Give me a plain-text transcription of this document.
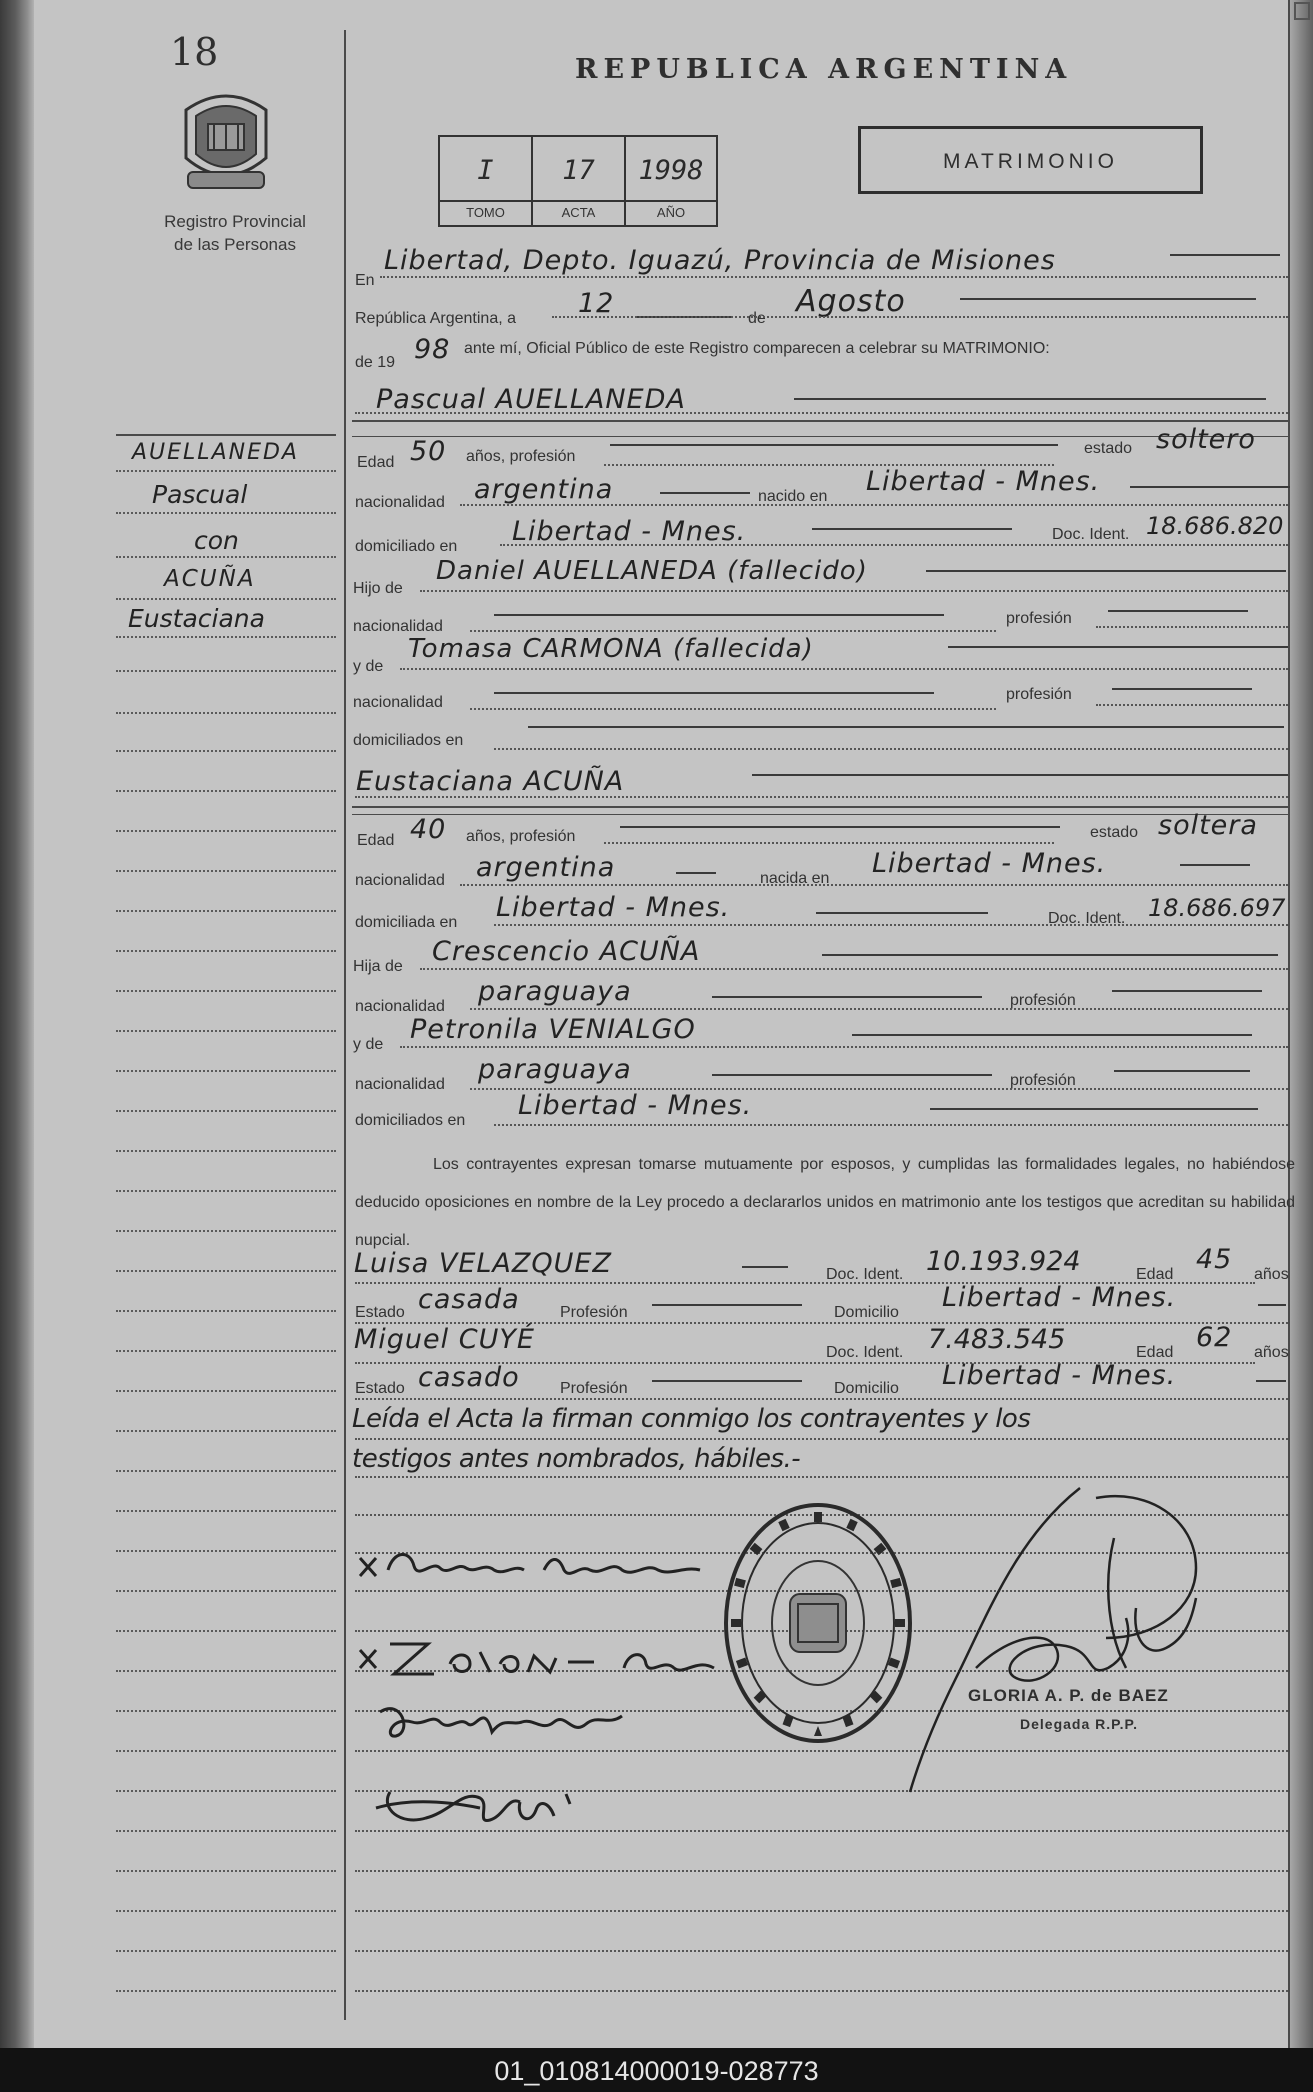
18
Registro Provincial
de las Personas
REPUBLICA ARGENTINA
I
TOMO
17
ACTA
1998
AÑO
MATRIMONIO
AUELLANEDA
Pascual
con
ACUÑA
Eustaciana
En
Libertad, Depto. Iguazú, Provincia de Misiones
República Argentina, a 12	de Agosto
de 19 98 ante mí, Oficial Público de este Registro comparecen a celebrar su MATRIMONIO:
Pascual AUELLANEDA
Edad 50 años, profesión	estado soltero
nacionalidad argentina	nacido en Libertad - Mnes.
domiciliado en Libertad - Mnes.	Doc. Ident. 18.686.820
Hijo de
Daniel AUELLANEDA (fallecido)
nacionalidad	profesión
y de
Tomasa CARMONA (fallecida)
nacionalidad	profesión
domiciliados en
Eustaciana ACUÑA
Edad 40 años, profesión	estado soltera
nacionalidad argentina	nacida en Libertad - Mnes.
domiciliada en Libertad - Mnes.	Doc. Ident. 18.686.697
Hija de Crescencio ACUÑA
nacionalidad paraguaya	profesión
y de Petronila VENIALGO
nacionalidad paraguaya	profesión
domiciliados en Libertad - Mnes.
Los contrayentes expresan tomarse mutuamente por esposos, y cumplidas las formalidades legales, no habiéndose deducido oposiciones en nombre de la Ley procedo a declararlos unidos en matrimonio ante los testigos que acreditan su habilidad nupcial.
Luisa VELAZQUEZ	Doc. Ident. 10.193.924	Edad 45 años
Estado casada	Profesión	Domicilio Libertad - Mnes.
Miguel CUYÉ	Doc. Ident. 7.483.545	Edad 62 años
Estado casado	Profesión	Domicilio Libertad - Mnes.
Leída el Acta la firman conmigo los contrayentes y los
testigos antes nombrados, hábiles.-
GLORIA A. P. de BAEZ
Delegada R.P.P.
01_010814000019-028773
